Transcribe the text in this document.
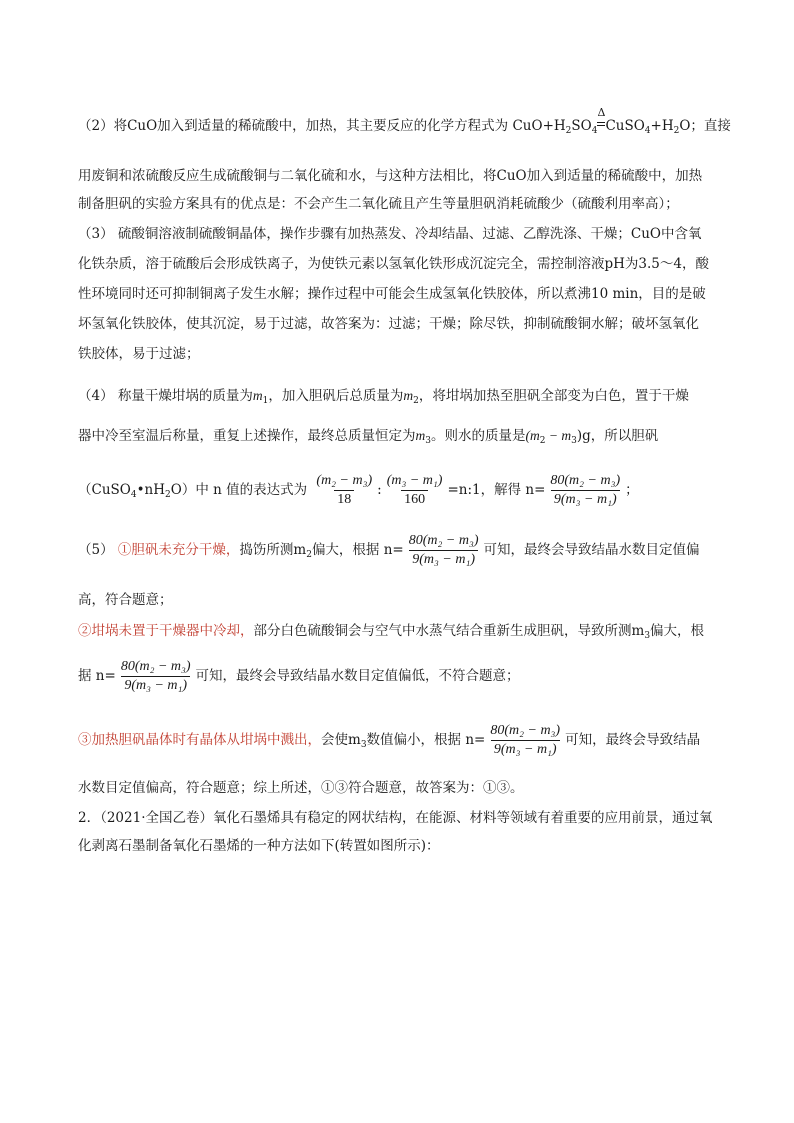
（2）将CuO加入到适量的稀硫酸中，加热，其主要反应的化学方程式为 $CuO+H_2SO_4$
Δ
$CuSO_4+H_2O$；直接
用废铜和浓硫酸反应生成硫酸铜与二氧化硫和水，与这种方法相比，将CuO加入到适量的稀硫酸中，加热
制备胆矾的实验方案具有的优点是：不会产生二氧化硫且产生等量胆矾消耗硫酸少（硫酸利用率高）；
（3） 硫酸铜溶液制硫酸铜晶体，操作步骤有加热蒸发、冷却结晶、过滤、乙醇洗涤、干燥；CuO中含氧
化铁杂质，溶于硫酸后会形成铁离子，为使铁元素以氢氧化铁形成沉淀完全，需控制溶液pH为3.5～4，酸
性环境同时还可抑制铜离子发生水解；操作过程中可能会生成氢氧化铁胶体，所以煮沸10 min，目的是破
坏氢氧化铁胶体，使其沉淀，易于过滤，故答案为：过滤；干燥；除尽铁，抑制硫酸铜水解；破坏氢氧化
铁胶体，易于过滤；
（4） 称量干燥坩埚的质量为$m_1$，加入胆矾后总质量为$m_2$，将坩埚加热至胆矾全部变为白色，置于干燥
器中冷至室温后称量，重复上述操作，最终总质量恒定为$m_3$。则水的质量是$(m_2 - m_3)g$，所以胆矾
$(CuSO_4•nH_2O)$中 n 值的表达式为 $\frac{\text{(m₂ − m₃)}}{18}$ : $\frac{\text{(m₃ − m₁)}}{160}$ =n:1，解得 $n= \frac{\text{80(m₂ − m₃)}}{\text{9(m₃ − m₁)}}$ ；
（5） ①胆矾未充分干燥，捣饬所测$m_2$偏大，根据 $n= \frac{\text{80(m₂ − m₃)}}{\text{9(m₃ − m₁)}}$ 可知，最终会导致结晶水数目定值偏
高，符合题意；
②坩埚未置于干燥器中冷却，部分白色硫酸铜会与空气中水蒸气结合重新生成胆矾，导致所测$m_3$偏大，根
据 $n= \frac{\text{80(m₂ − m₃)}}{\text{9(m₃ − m₁)}}$ 可知，最终会导致结晶水数目定值偏低，不符合题意；
③加热胆矾晶体时有晶体从坩埚中溅出，会使$m_3$数值偏小，根据 $n= \frac{\text{80(m₂ − m₃)}}{\text{9(m₃ − m₁)}}$ 可知，最终会导致结晶
水数目定值偏高，符合题意；综上所述，①③符合题意，故答案为：①③。
2．（2021·全国乙卷）氧化石墨烯具有稳定的网状结构，在能源、材料等领域有着重要的应用前景，通过氧
化剥离石墨制备氧化石墨烯的一种方法如下(转置如图所示)：
